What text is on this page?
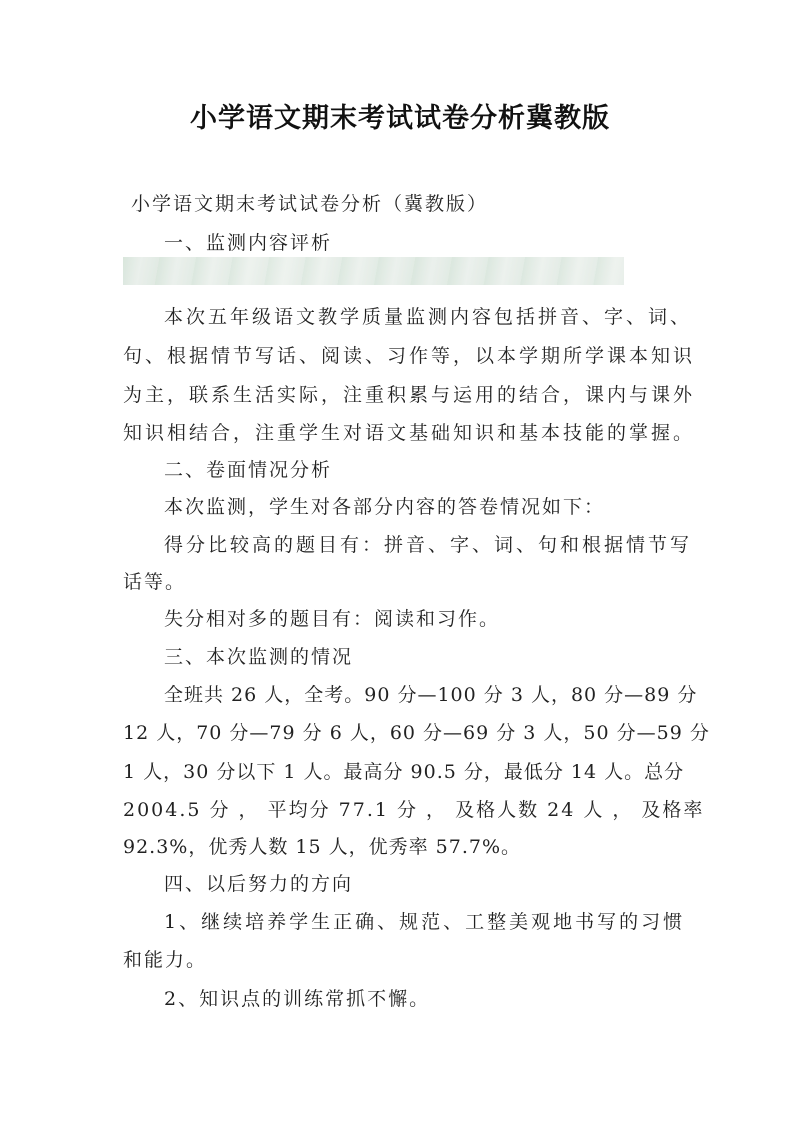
小学语文期末考试试卷分析冀教版
小学语文期末考试试卷分析（冀教版）
一、监测内容评析
本次五年级语文教学质量监测内容包括拼音、字、词、
句、根据情节写话、阅读、习作等，以本学期所学课本知识
为主，联系生活实际，注重积累与运用的结合，课内与课外
知识相结合，注重学生对语文基础知识和基本技能的掌握。
二、卷面情况分析
本次监测，学生对各部分内容的答卷情况如下：
得分比较高的题目有：拼音、字、词、句和根据情节写
话等。
失分相对多的题目有：阅读和习作。
三、本次监测的情况
全班共 26 人，全考。90 分—100 分 3 人，80 分—89 分
12 人，70 分—79 分 6 人，60 分—69 分 3 人，50 分—59 分
1 人，30 分以下 1 人。最高分 90.5 分，最低分 14 人。总分
2004.5 分 ， 平均分 77.1 分 ， 及格人数 24 人 ， 及格率
92.3%，优秀人数 15 人，优秀率 57.7%。
四、以后努力的方向
1、继续培养学生正确、规范、工整美观地书写的习惯
和能力。
2、知识点的训练常抓不懈。
